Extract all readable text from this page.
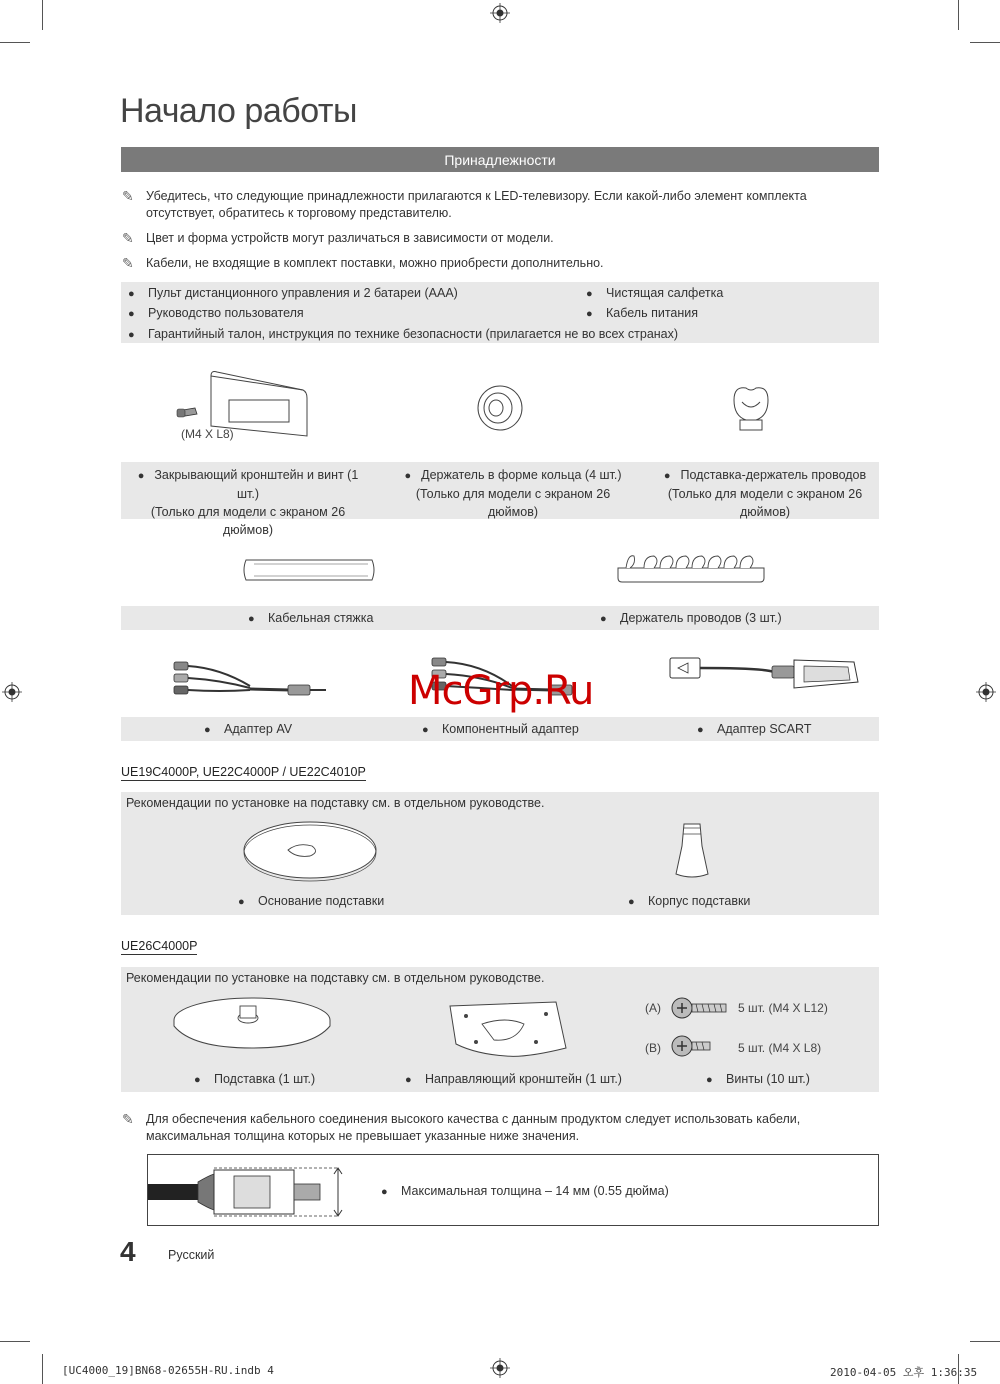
Начало работы
Принадлежности
✎ Убедитесь, что следующие принадлежности прилагаются к LED-телевизору. Если какой-либо элемент комплекта отсутствует, обратитесь к торговому представителю.
✎ Цвет и форма устройств могут различаться в зависимости от модели.
✎ Кабели, не входящие в комплект поставки, можно приобрести дополнительно.
● Пульт дистанционного управления и 2 батареи (AAA)
● Руководство пользователя
● Гарантийный талон, инструкция по технике безопасности (прилагается не во всех странах)
● Чистящая салфетка
● Кабель питания
(M4 X L8)
● Закрывающий кронштейн и винт (1 шт.)
(Только для модели с экраном 26 дюймов)
● Держатель в форме кольца (4 шт.)
(Только для модели с экраном 26 дюймов)
● Подставка-держатель проводов
(Только для модели с экраном 26 дюймов)
● Кабельная стяжка	● Держатель проводов (3 шт.)
McGrp.Ru
● Адаптер AV	● Компонентный адаптер	● Адаптер SCART
UE19C4000P, UE22C4000P / UE22C4010P
Рекомендации по установке на подставку см. в отдельном руководстве.
● Основание подставки	● Корпус подставки
UE26C4000P
Рекомендации по установке на подставку см. в отдельном руководстве.
(A)	5 шт. (M4 X L12)
(B)	5 шт. (M4 X L8)
● Подставка (1 шт.)	● Направляющий кронштейн (1 шт.)	● Винты (10 шт.)
✎ Для обеспечения кабельного соединения высокого качества с данным продуктом следует использовать кабели, максимальная толщина которых не превышает указанные ниже значения.
● Максимальная толщина – 14 мм (0.55 дюйма)
4	Русский
[UC4000_19]BN68-02655H-RU.indb 4	2010-04-05 오후 1:36:35
